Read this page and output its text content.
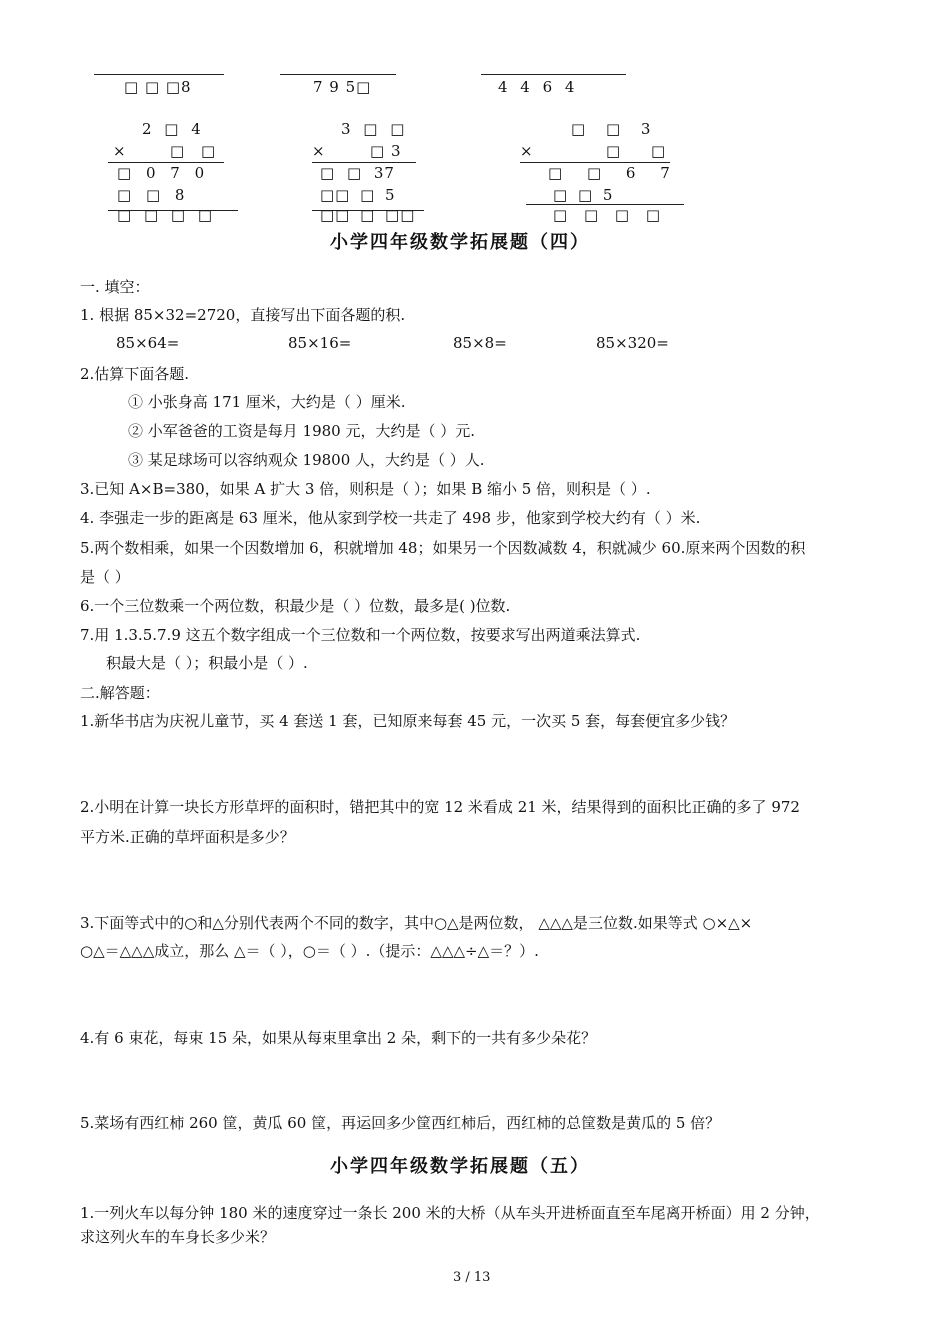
□ □ □8	7 9 5□	4 4 6 4
2 □ 4
×	□ □
□ 0 7 0
□ □ 8
□ □ □ □
3 □ □
×	□ 3
□ □ 37
□□ □ 5
□□ □ □□
□ □ 3
×	□ □
□ □ 6 7
□ □ 5
□ □ □ □
小学四年级数学拓展题（四）
一. 填空：
1. 根据 85×32=2720，直接写出下面各题的积.
85×64=	85×16=	85×8=	85×320=
2.估算下面各题.
① 小张身高 171 厘米，大约是（ ）厘米.
② 小军爸爸的工资是每月 1980 元，大约是（ ）元.
③ 某足球场可以容纳观众 19800 人，大约是（ ）人.
3.已知 A×B=380，如果 A 扩大 3 倍，则积是（ ）；如果 B 缩小 5 倍，则积是（ ）.
4. 李强走一步的距离是 63 厘米，他从家到学校一共走了 498 步，他家到学校大约有（ ）米.
5.两个数相乘，如果一个因数增加 6，积就增加 48；如果另一个因数减数 4，积就减少 60.原来两个因数的积
是（ ）
6.一个三位数乘一个两位数，积最少是（ ）位数，最多是( )位数.
7.用 1.3.5.7.9 这五个数字组成一个三位数和一个两位数，按要求写出两道乘法算式.
积最大是（ ）；积最小是（ ）.
二.解答题：
1.新华书店为庆祝儿童节，买 4 套送 1 套，已知原来每套 45 元，一次买 5 套，每套便宜多少钱？
2.小明在计算一块长方形草坪的面积时，错把其中的宽 12 米看成 21 米，结果得到的面积比正确的多了 972
平方米.正确的草坪面积是多少？
3.下面等式中的○和△分别代表两个不同的数字，其中○△是两位数， △△△是三位数.如果等式 ○×△×
○△＝△△△成立，那么 △＝（ ），○＝（ ）.（提示：△△△÷△＝？）.
4.有 6 束花，每束 15 朵，如果从每束里拿出 2 朵，剩下的一共有多少朵花？
5.菜场有西红柿 260 筐，黄瓜 60 筐，再运回多少筐西红柿后，西红柿的总筐数是黄瓜的 5 倍？
小学四年级数学拓展题（五）
1.一列火车以每分钟 180 米的速度穿过一条长 200 米的大桥（从车头开进桥面直至车尾离开桥面）用 2 分钟，
求这列火车的车身长多少米？
3 / 13
